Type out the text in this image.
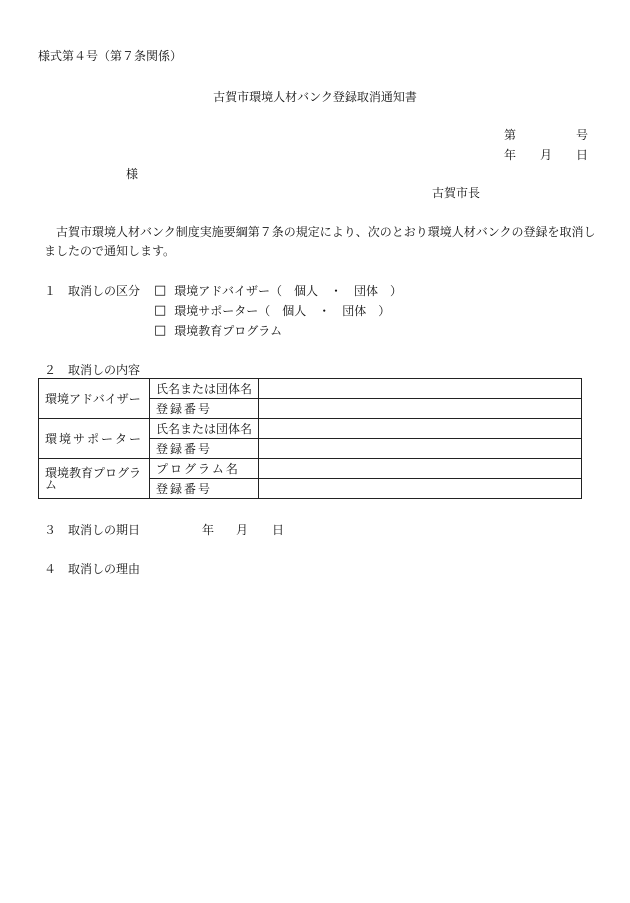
様式第４号（第７条関係）
古賀市環境人材バンク登録取消通知書
第	号
年 月 日
様
古賀市長
古賀市環境人材バンク制度実施要綱第７条の規定により、次のとおり環境人材バンクの登録を取消し
ましたので通知します。
１　取消しの区分 □ 環境アドバイザー（　個人　・　団体　）
□ 環境サポーター（　個人　・　団体　）
□ 環境教育プログラム
２　取消しの内容
環境アドバイザー	氏名または団体名	
	登録番号	
環境サポーター	氏名または団体名	
	登録番号	
環境教育プログラム	プログラム名	
	登録番号	
３　取消しの期日	年 月 日
４　取消しの理由
